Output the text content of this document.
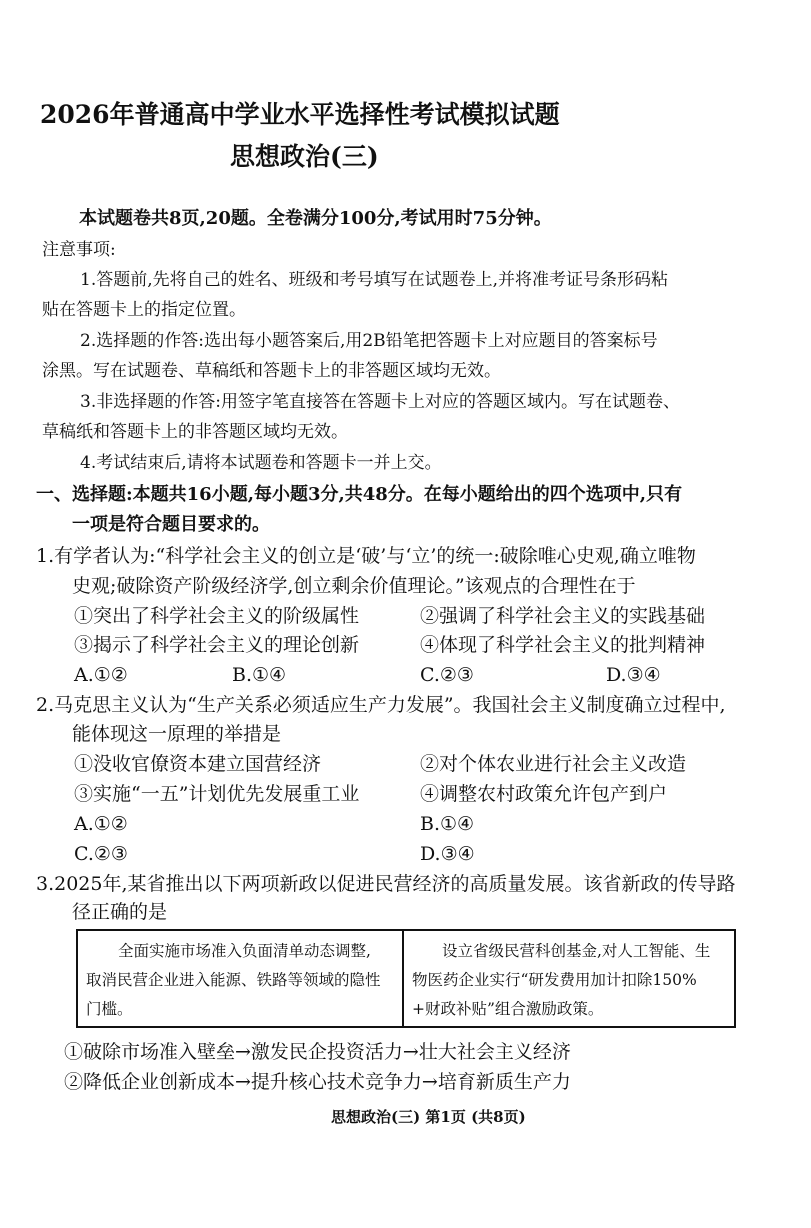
2026年普通高中学业水平选择性考试模拟试题
思想政治(三)
本试题卷共8页,20题。全卷满分100分,考试用时75分钟。
注意事项:
1.答题前,先将自己的姓名、班级和考号填写在试题卷上,并将准考证号条形码粘
贴在答题卡上的指定位置。
2.选择题的作答:选出每小题答案后,用2B铅笔把答题卡上对应题目的答案标号
涂黑。写在试题卷、草稿纸和答题卡上的非答题区域均无效。
3.非选择题的作答:用签字笔直接答在答题卡上对应的答题区域内。写在试题卷、
草稿纸和答题卡上的非答题区域均无效。
4.考试结束后,请将本试题卷和答题卡一并上交。
一、选择题:本题共16小题,每小题3分,共48分。在每小题给出的四个选项中,只有
一项是符合题目要求的。
1.有学者认为:“科学社会主义的创立是‘破’与‘立’的统一:破除唯心史观,确立唯物
史观;破除资产阶级经济学,创立剩余价值理论。”该观点的合理性在于
①突出了科学社会主义的阶级属性	②强调了科学社会主义的实践基础
③揭示了科学社会主义的理论创新	④体现了科学社会主义的批判精神
A.①②	B.①④	C.②③	D.③④
2.马克思主义认为“生产关系必须适应生产力发展”。我国社会主义制度确立过程中,
能体现这一原理的举措是
①没收官僚资本建立国营经济	②对个体农业进行社会主义改造
③实施“一五”计划优先发展重工业	④调整农村政策允许包产到户
A.①②	B.①④
C.②③	D.③④
3.2025年,某省推出以下两项新政以促进民营经济的高质量发展。该省新政的传导路
径正确的是
全面实施市场准入负面清单动态调整,
取消民营企业进入能源、铁路等领域的隐性
门槛。
设立省级民营科创基金,对人工智能、生
物医药企业实行“研发费用加计扣除150%
+财政补贴”组合激励政策。
①破除市场准入壁垒→激发民企投资活力→壮大社会主义经济
②降低企业创新成本→提升核心技术竞争力→培育新质生产力
思想政治(三) 第1页 (共8页)
